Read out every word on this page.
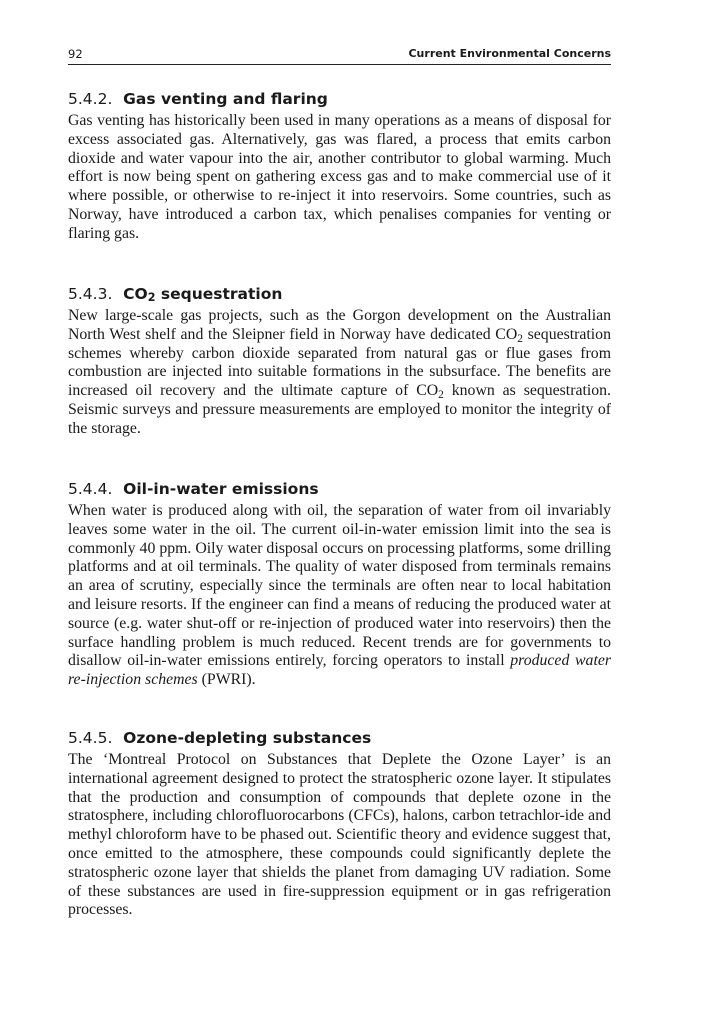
92	Current Environmental Concerns
5.4.2. Gas venting and flaring

Gas venting has historically been used in many operations as a means of disposal for excess associated gas. Alternatively, gas was flared, a process that emits carbon dioxide and water vapour into the air, another contributor to global warming. Much effort is now being spent on gathering excess gas and to make commercial use of it where possible, or otherwise to re-inject it into reservoirs. Some countries, such as Norway, have introduced a carbon tax, which penalises companies for venting or flaring gas.

5.4.3. CO2 sequestration

New large-scale gas projects, such as the Gorgon development on the Australian North West shelf and the Sleipner field in Norway have dedicated $CO_2$ sequestration schemes whereby carbon dioxide separated from natural gas or flue gases from combustion are injected into suitable formations in the subsurface. The benefits are increased oil recovery and the ultimate capture of $CO_2$ known as sequestration. Seismic surveys and pressure measurements are employed to monitor the integrity of the storage.

5.4.4. Oil-in-water emissions

When water is produced along with oil, the separation of water from oil invariably leaves some water in the oil. The current oil-in-water emission limit into the sea is commonly 40 ppm. Oily water disposal occurs on processing platforms, some drilling platforms and at oil terminals. The quality of water disposed from terminals remains an area of scrutiny, especially since the terminals are often near to local habitation and leisure resorts. If the engineer can find a means of reducing the produced water at source (e.g. water shut-off or re-injection of produced water into reservoirs) then the surface handling problem is much reduced. Recent trends are for governments to disallow oil-in-water emissions entirely, forcing operators to install produced water re-injection schemes (PWRI).

5.4.5. Ozone-depleting substances

The ‘Montreal Protocol on Substances that Deplete the Ozone Layer’ is an international agreement designed to protect the stratospheric ozone layer. It stipulates that the production and consumption of compounds that deplete ozone in the stratosphere, including chlorofluorocarbons (CFCs), halons, carbon tetrachlor-ide and methyl chloroform have to be phased out. Scientific theory and evidence suggest that, once emitted to the atmosphere, these compounds could significantly deplete the stratospheric ozone layer that shields the planet from damaging UV radiation. Some of these substances are used in fire-suppression equipment or in gas refrigeration processes.
